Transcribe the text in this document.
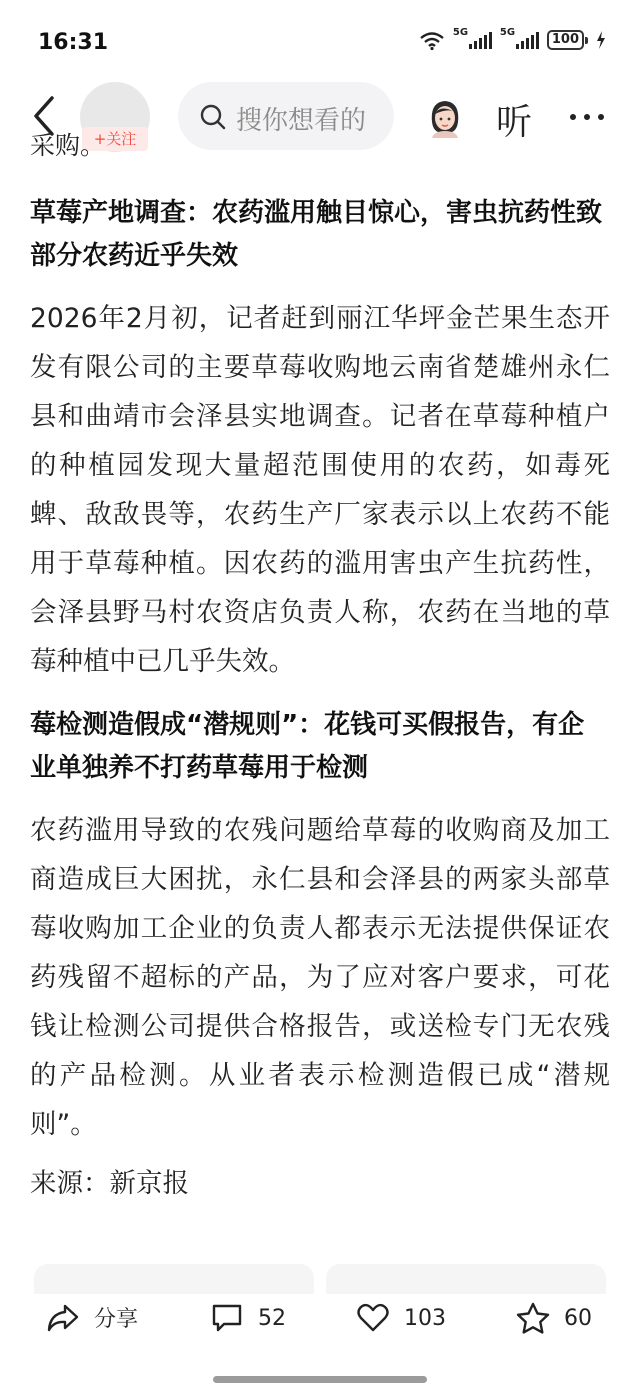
16:31	5G	5G	100
+关注
搜你想看的	听
采购。
草莓产地调查：农药滥用触目惊心，害虫抗药性致部分农药近乎失效
2026年2月初，记者赶到丽江华坪金芒果生态开发有限公司的主要草莓收购地云南省楚雄州永仁县和曲靖市会泽县实地调查。记者在草莓种植户的种植园发现大量超范围使用的农药，如毒死蜱、敌敌畏等，农药生产厂家表示以上农药不能用于草莓种植。因农药的滥用害虫产生抗药性，会泽县野马村农资店负责人称，农药在当地的草莓种植中已几乎失效。
莓检测造假成“潜规则”：花钱可买假报告，有企业单独养不打药草莓用于检测
农药滥用导致的农残问题给草莓的收购商及加工商造成巨大困扰，永仁县和会泽县的两家头部草莓收购加工企业的负责人都表示无法提供保证农药残留不超标的产品，为了应对客户要求，可花钱让检测公司提供合格报告，或送检专门无农残的产品检测。从业者表示检测造假已成“潜规则”。
来源：新京报
分享	52	103	60
